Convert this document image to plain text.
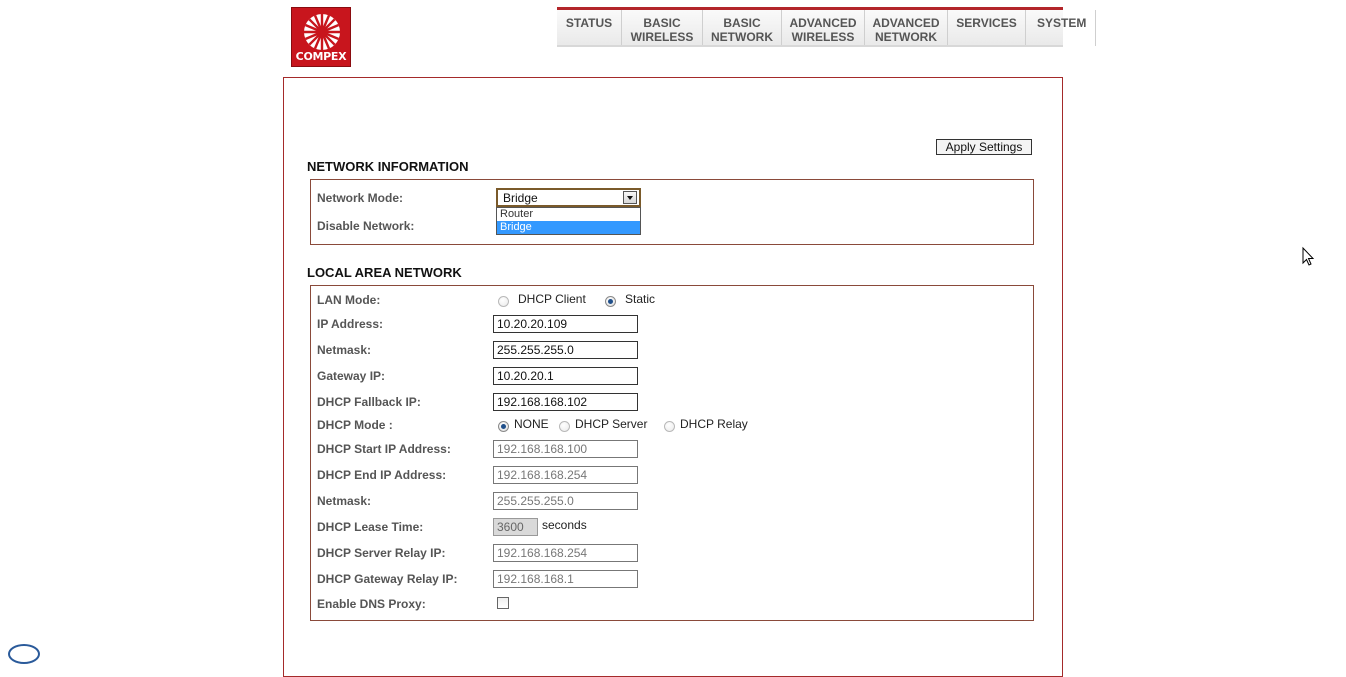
COMPEX
STATUS	BASIC
WIRELESS
BASIC
NETWORK
ADVANCED
WIRELESS
ADVANCED
NETWORK
SERVICES	SYSTEM
Apply Settings
NETWORK INFORMATION
Network Mode:	Bridge
Disable Network:
Router
Bridge
LOCAL AREA NETWORK
LAN Mode:	DHCP Client	Static
IP Address:
10.20.20.109
Netmask:
255.255.255.0
Gateway IP:
10.20.20.1
DHCP Fallback IP:
192.168.168.102
DHCP Mode :	NONE DHCP Server	DHCP Relay
DHCP Start IP Address:
192.168.168.100
DHCP End IP Address:
192.168.168.254
Netmask:
255.255.255.0
DHCP Lease Time:
3600	seconds
DHCP Server Relay IP:
192.168.168.254
DHCP Gateway Relay IP:
192.168.168.1
Enable DNS Proxy:
